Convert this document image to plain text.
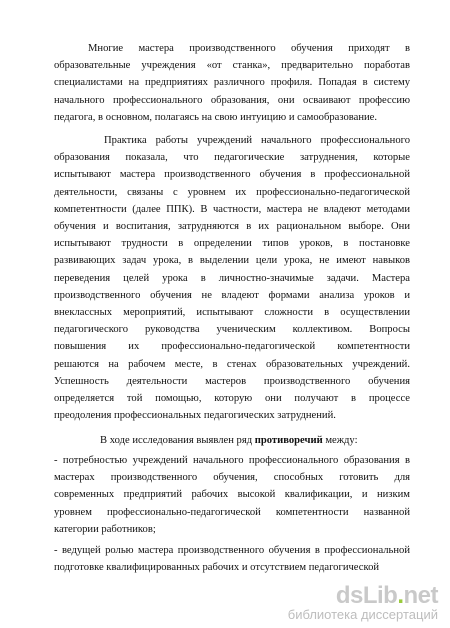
Многие мастера производственного обучения приходят в
образовательные учреждения «от станка», предварительно поработав
специалистами на предприятиях различного профиля. Попадая в систему
начального профессионального образования, они осваивают профессию
педагога, в основном, полагаясь на свою интуицию и самообразование.
Практика работы учреждений начального профессионального
образования показала, что педагогические затруднения, которые
испытывают мастера производственного обучения в профессиональной
деятельности, связаны с уровнем их профессионально-педагогической
компетентности (далее ППК). В частности, мастера не владеют методами
обучения и воспитания, затрудняются в их рациональном выборе. Они
испытывают трудности в определении типов уроков, в постановке
развивающих задач урока, в выделении цели урока, не имеют навыков
переведения целей урока в личностно-значимые задачи. Мастера
производственного обучения не владеют формами анализа уроков и
внеклассных мероприятий, испытывают сложности в осуществлении
педагогического руководства ученическим коллективом. Вопросы
повышения их профессионально-педагогической компетентности
решаются на рабочем месте, в стенах образовательных учреждений.
Успешность деятельности мастеров производственного обучения
определяется той помощью, которую они получают в процессе
преодоления профессиональных педагогических затруднений.
В ходе исследования выявлен ряд противоречий между:
- потребностью учреждений начального профессионального образования в
мастерах производственного обучения, способных готовить для
современных предприятий рабочих высокой квалификации, и низким
уровнем профессионально-педагогической компетентности названной
категории работников;
- ведущей ролью мастера производственного обучения в профессиональной
подготовке квалифицированных рабочих и отсутствием педагогической
dsLib.net
библиотека диссертаций
